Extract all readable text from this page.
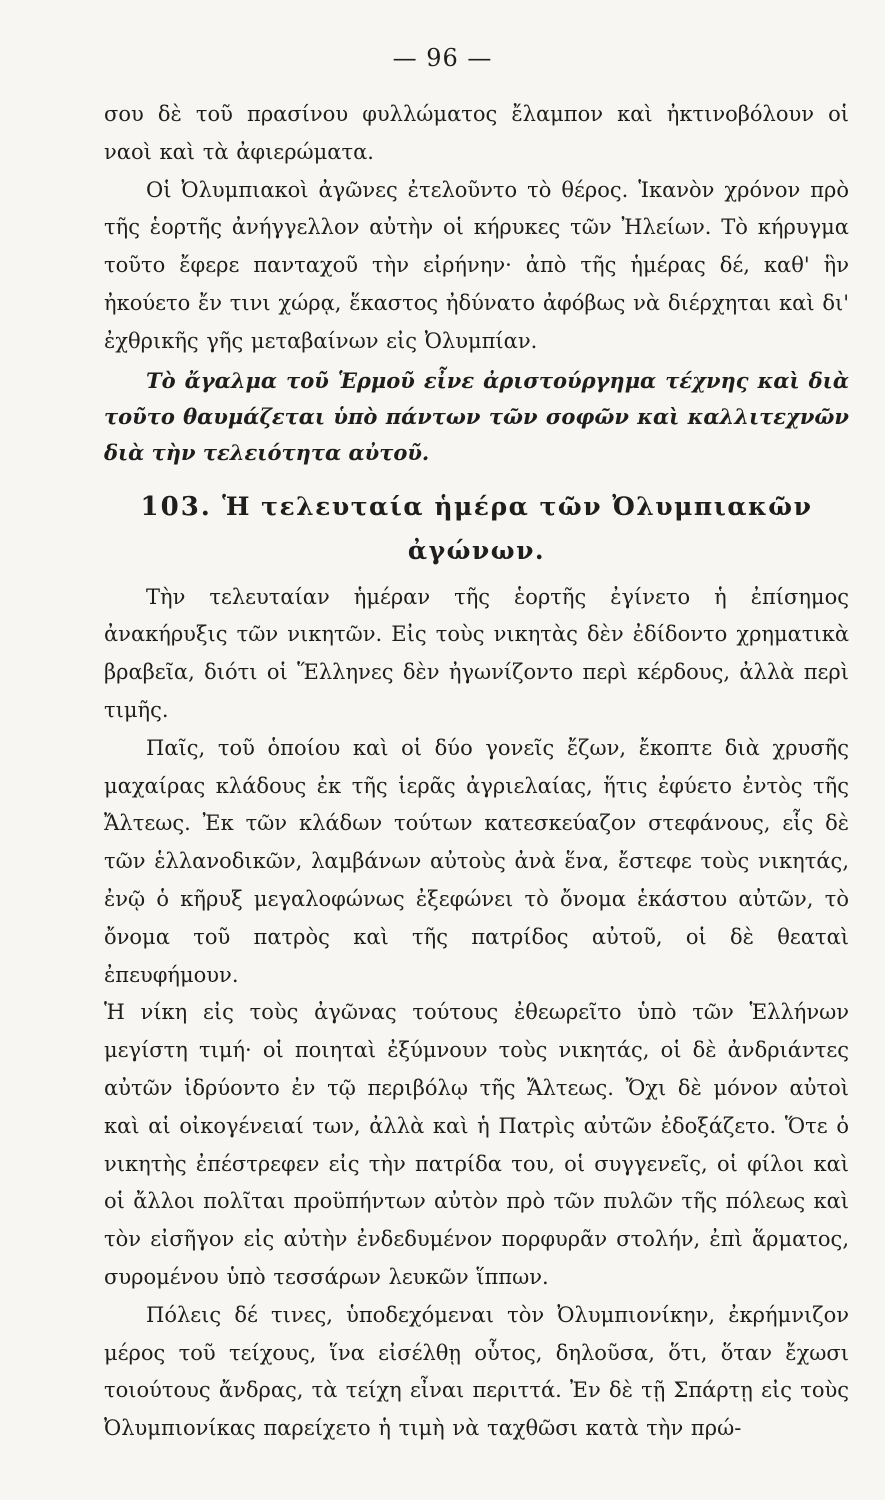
— 96 —

σου δὲ τοῦ πρασίνου φυλλώματος ἔλαμπον καὶ ἠκτινοβόλουν οἱ ναοὶ καὶ τὰ ἀφιερώματα.

Οἱ Ὀλυμπιακοὶ ἀγῶνες ἐτελοῦντο τὸ θέρος. Ἱκανὸν χρόνον πρὸ τῆς ἑορτῆς ἀνήγγελλον αὐτὴν οἱ κήρυκες τῶν Ἠλείων. Τὸ κήρυγμα τοῦτο ἔφερε πανταχοῦ τὴν εἰρήνην· ἀπὸ τῆς ἡμέρας δέ, καθ' ἣν ἠκούετο ἔν τινι χώρᾳ, ἕκαστος ἠδύνατο ἀφόβως νὰ διέρχηται καὶ δι' ἐχθρικῆς γῆς μεταβαίνων εἰς Ὀλυμπίαν.

Τὸ ἄγαλμα τοῦ Ἑρμοῦ εἶνε ἀριστούργημα τέχνης καὶ διὰ τοῦτο θαυμάζεται ὑπὸ πάντων τῶν σοφῶν καὶ καλλιτεχνῶν διὰ τὴν τελειότητα αὐτοῦ.

103. Ἡ τελευταία ἡμέρα τῶν Ὀλυμπιακῶν ἀγώνων.

Τὴν τελευταίαν ἡμέραν τῆς ἑορτῆς ἐγίνετο ἡ ἐπίσημος ἀνακήρυξις τῶν νικητῶν. Εἰς τοὺς νικητὰς δὲν ἐδίδοντο χρηματικὰ βραβεῖα, διότι οἱ Ἕλληνες δὲν ἠγωνίζοντο περὶ κέρδους, ἀλλὰ περὶ τιμῆς.

Παῖς, τοῦ ὁποίου καὶ οἱ δύο γονεῖς ἔζων, ἔκοπτε διὰ χρυσῆς μαχαίρας κλάδους ἐκ τῆς ἱερᾶς ἀγριελαίας, ἥτις ἐφύετο ἐντὸς τῆς Ἄλτεως. Ἐκ τῶν κλάδων τούτων κατεσκεύαζον στεφάνους, εἷς δὲ τῶν ἑλλανοδικῶν, λαμβάνων αὐτοὺς ἀνὰ ἕνα, ἔστεφε τοὺς νικητάς, ἐνῷ ὁ κῆρυξ μεγαλοφώνως ἐξεφώνει τὸ ὄνομα ἑκάστου αὐτῶν, τὸ ὄνομα τοῦ πατρὸς καὶ τῆς πατρίδος αὐτοῦ, οἱ δὲ θεαταὶ ἐπευφήμουν.

Ἡ νίκη εἰς τοὺς ἀγῶνας τούτους ἐθεωρεῖτο ὑπὸ τῶν Ἑλλήνων μεγίστη τιμή· οἱ ποιηταὶ ἐξύμνουν τοὺς νικητάς, οἱ δὲ ἀνδριάντες αὐτῶν ἱδρύοντο ἐν τῷ περιβόλῳ τῆς Ἄλτεως. Ὄχι δὲ μόνον αὐτοὶ καὶ αἱ οἰκογένειαί των, ἀλλὰ καὶ ἡ Πατρὶς αὐτῶν ἐδοξάζετο. Ὅτε ὁ νικητὴς ἐπέστρεφεν εἰς τὴν πατρίδα του, οἱ συγγενεῖς, οἱ φίλοι καὶ οἱ ἄλλοι πολῖται προϋπήντων αὐτὸν πρὸ τῶν πυλῶν τῆς πόλεως καὶ τὸν εἰσῆγον εἰς αὐτὴν ἐνδεδυμένον πορφυρᾶν στολήν, ἐπὶ ἅρματος, συρομένου ὑπὸ τεσσάρων λευκῶν ἵππων.

Πόλεις δέ τινες, ὑποδεχόμεναι τὸν Ὀλυμπιονίκην, ἐκρήμνιζον μέρος τοῦ τείχους, ἵνα εἰσέλθῃ οὗτος, δηλοῦσα, ὅτι, ὅταν ἔχωσι τοιούτους ἄνδρας, τὰ τείχη εἶναι περιττά. Ἐν δὲ τῇ Σπάρτῃ εἰς τοὺς Ὀλυμπιονίκας παρείχετο ἡ τιμὴ νὰ ταχθῶσι κατὰ τὴν πρώ-
